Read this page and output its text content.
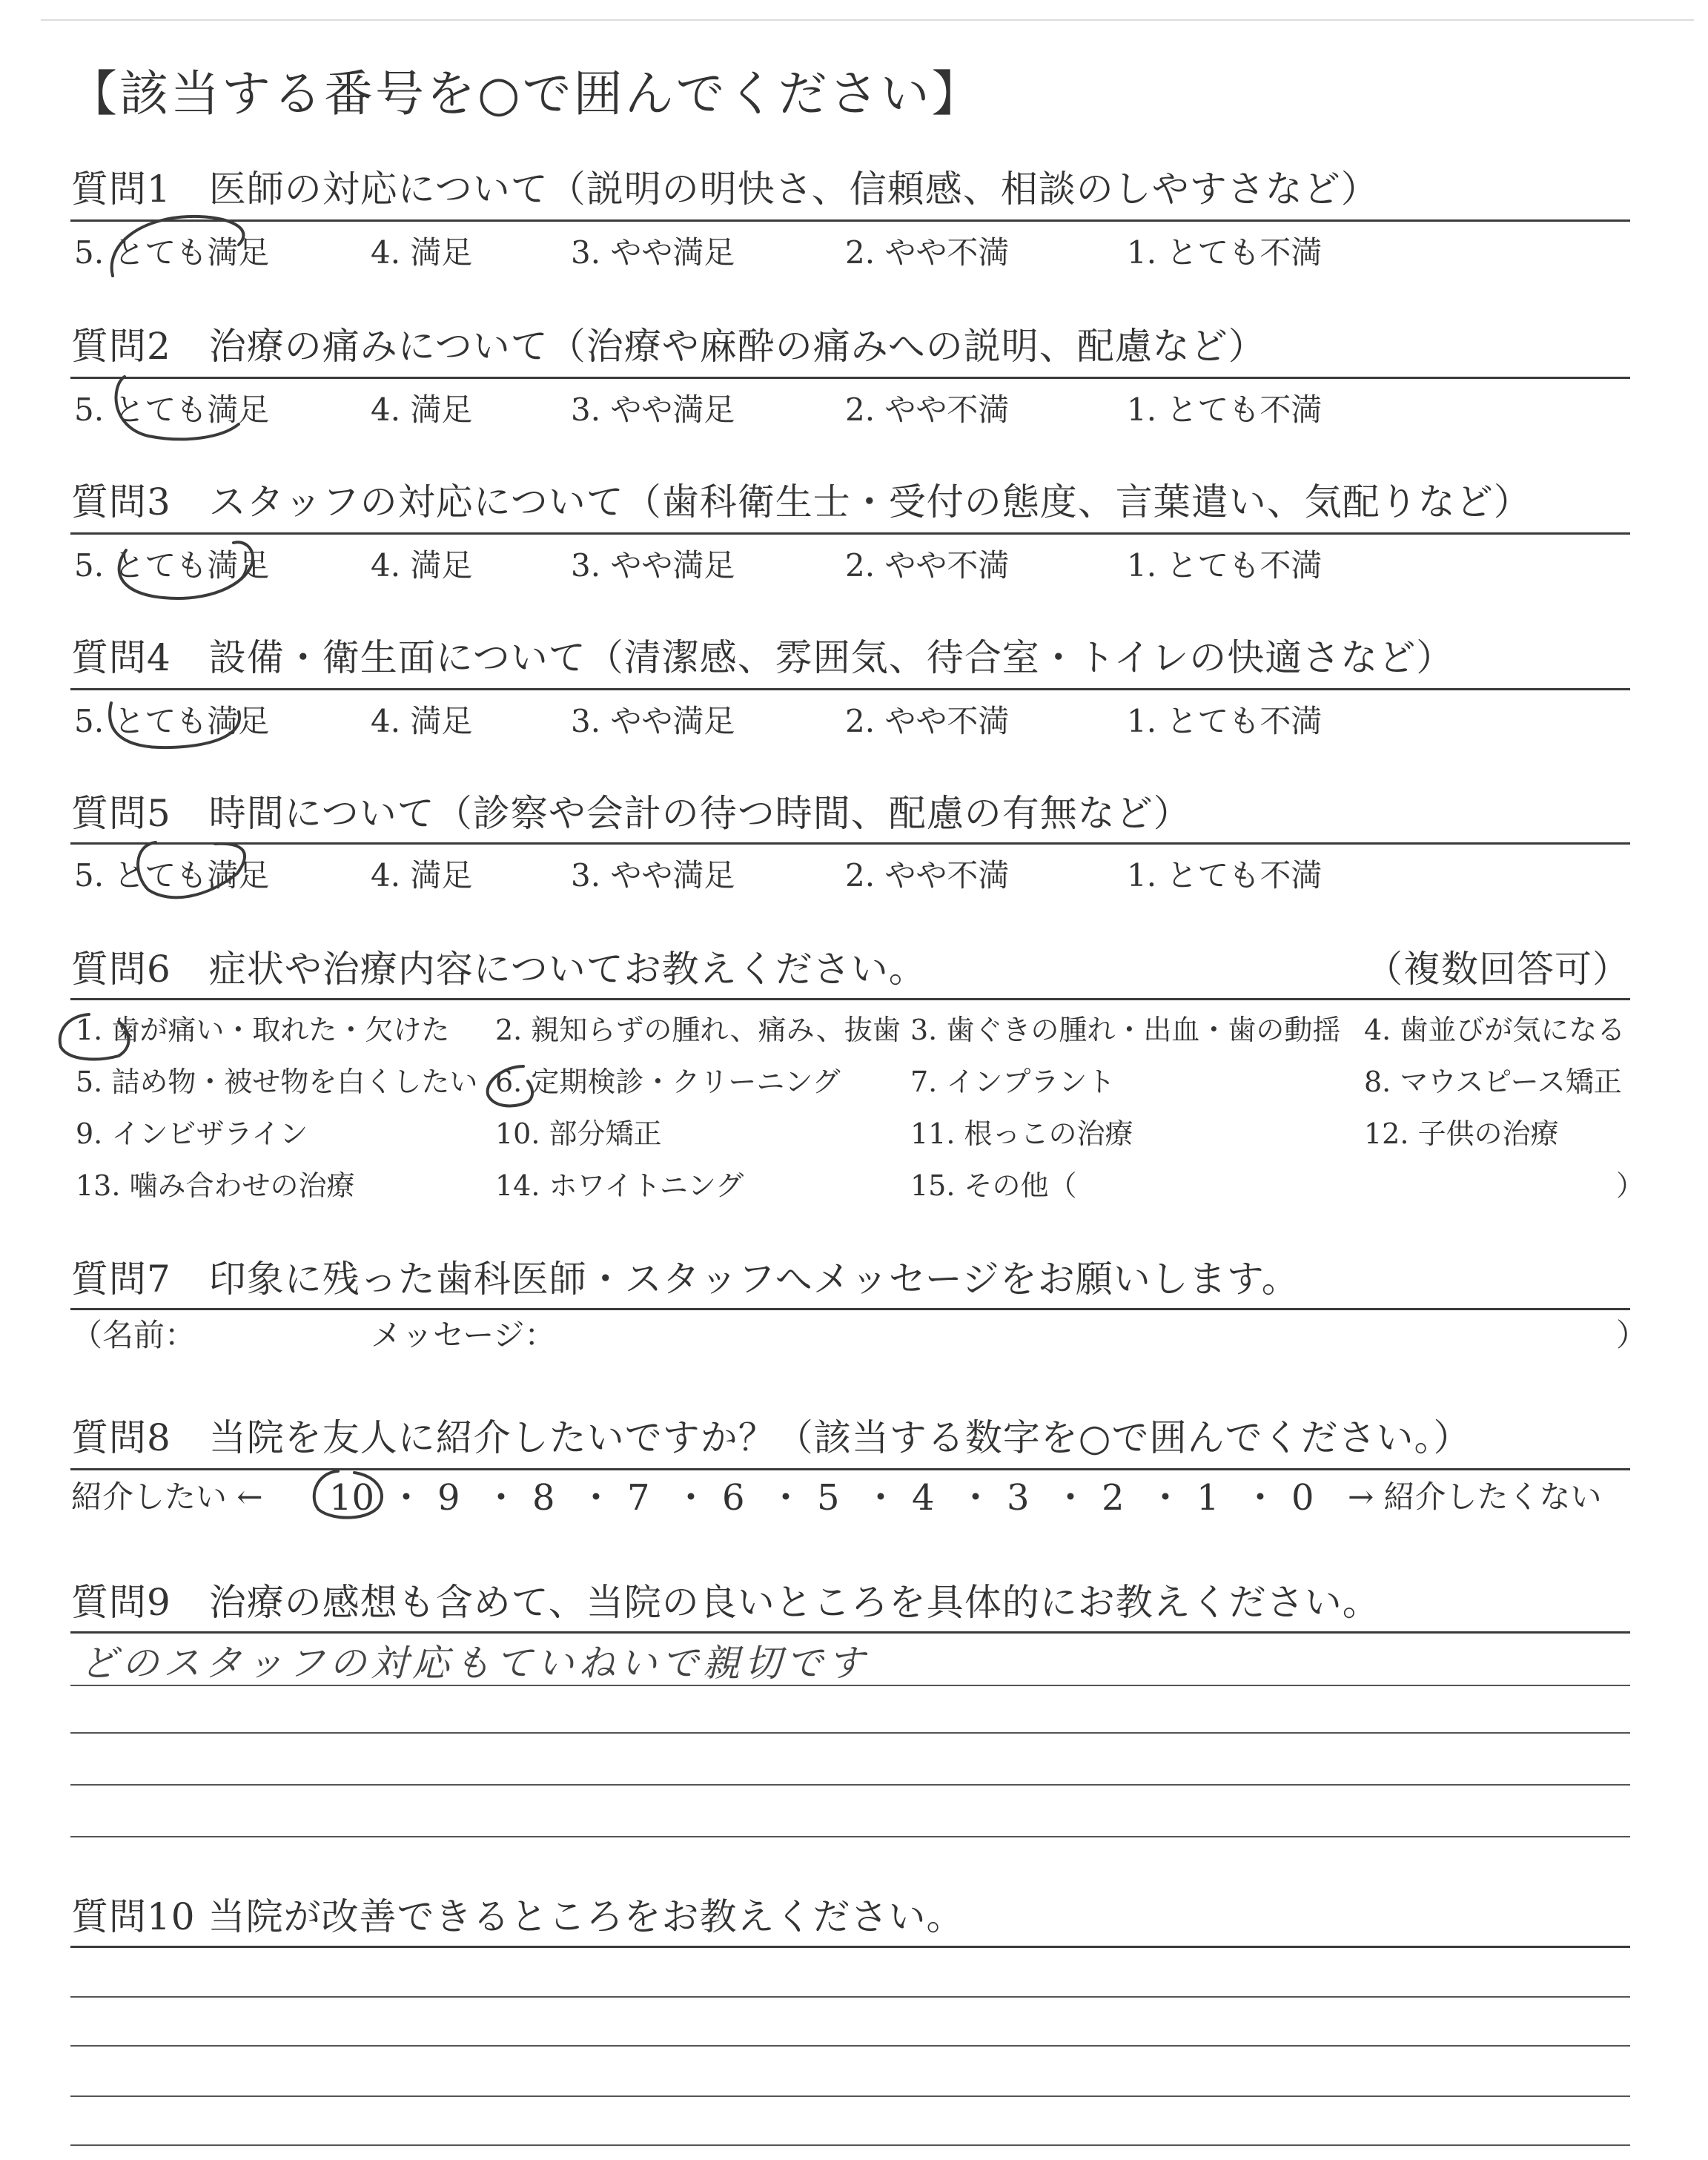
【該当する番号を○で囲んでください】
質問1　医師の対応について（説明の明快さ、信頼感、相談のしやすさなど）
5. とても満足	4. 満足	3. やや満足	2. やや不満	1. とても不満
質問2　治療の痛みについて（治療や麻酔の痛みへの説明、配慮など）
5. とても満足	4. 満足	3. やや満足	2. やや不満	1. とても不満
質問3　スタッフの対応について（歯科衛生士・受付の態度、言葉遣い、気配りなど）
5. とても満足	4. 満足	3. やや満足	2. やや不満	1. とても不満
質問4　設備・衛生面について（清潔感、雰囲気、待合室・トイレの快適さなど）
5. とても満足	4. 満足	3. やや満足	2. やや不満	1. とても不満
質問5　時間について（診察や会計の待つ時間、配慮の有無など）
5. とても満足	4. 満足	3. やや満足	2. やや不満	1. とても不満
質問6　症状や治療内容についてお教えください。	（複数回答可）
1. 歯が痛い・取れた・欠けた 2. 親知らずの腫れ、痛み、抜歯 3. 歯ぐきの腫れ・出血・歯の動揺 4. 歯並びが気になる
5. 詰め物・被せ物を白くしたい 6. 定期検診・クリーニング 7. インプラント	8. マウスピース矯正
9. インビザライン	10. 部分矯正	11. 根っこの治療	12. 子供の治療
13. 噛み合わせの治療	14. ホワイトニング	15. その他（	）
質問7　印象に残った歯科医師・スタッフへメッセージをお願いします。
（名前：	メッセージ：	）
質問8　当院を友人に紹介したいですか？（該当する数字を○で囲んでください。）
紹介したい ←	→ 紹介したくない
10 ・ 9 ・ 8 ・ 7 ・ 6 ・ 5 ・ 4 ・ 3 ・ 2 ・ 1 ・ 0
質問9　治療の感想も含めて、当院の良いところを具体的にお教えください。
どのスタッフの対応もていねいで親切です
質問10 当院が改善できるところをお教えください。
